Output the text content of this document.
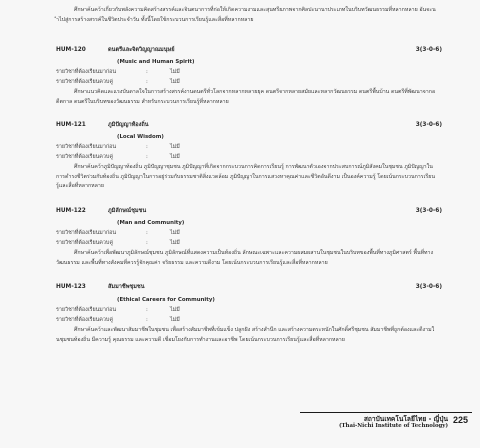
ศึกษาค้นคว้าเกี่ยวกับพลังความคิดสร้างสรรค์และจินตนาการที่ก่อให้เกิดความงามและสุนทรียภาพจากศิลปะนานาประเภทในบริบทวัฒนธรรมที่หลากหลาย อันจะนำไปสู่การสร้างสรรค์ในชีวิตประจำวัน ทั้งนี้โดยใช้กระบวนการเรียนรู้และสื่อที่หลากหลาย
HUM-120	ดนตรีและจิตวิญญาณมนุษย์	3(3-0-6)
(Music and Human Spirit)
รายวิชาที่ต้องเรียนมาก่อน	:	ไม่มี
รายวิชาที่ต้องเรียนควบคู่	:	ไม่มี
ศึกษาแนวคิดและแรงบันดาลใจในการสร้างสรรค์งานดนตรีทั่วโลกจากหลากหลายยุค ดนตรีจากหลายสมัยและหลากวัฒนธรรม ดนตรีพื้นบ้าน ดนตรีที่พัฒนาจากอดีตกาล ดนตรีในบริบทของวัฒนธรรม สำหรับกระบวนการเรียนรู้ที่หลากหลาย
HUM-121	ภูมิปัญญาท้องถิ่น	3(3-0-6)
(Local Wisdom)
รายวิชาที่ต้องเรียนมาก่อน	:	ไม่มี
รายวิชาที่ต้องเรียนควบคู่	:	ไม่มี
ศึกษาค้นคว้าภูมิปัญญาท้องถิ่น ภูมิปัญญาชุมชน ภูมิปัญญาที่เกิดจากกระบวนการคิดการเรียนรู้ การพัฒนาตัวเองจากประสบการณ์ภูมิสังคมในชุมชน ภูมิปัญญาในการดำรงชีวิตร่วมกับท้องถิ่น ภูมิปัญญาในการอยู่ร่วมกับธรรมชาติสิ่งแวดล้อม ภูมิปัญญาในการแสวงหาคุณค่าและชีวิตอันดีงาม เป็นองค์ความรู้ โดยเน้นกระบวนการเรียนรู้และสื่อที่หลากหลาย
HUM-122	ภูมิลักษณ์ชุมชน	3(3-0-6)
(Man and Community)
รายวิชาที่ต้องเรียนมาก่อน	:	ไม่มี
รายวิชาที่ต้องเรียนควบคู่	:	ไม่มี
ศึกษาค้นคว้าเพื่อพัฒนาภูมิลักษณ์ชุมชน ภูมิลักษณ์ที่แสดงความเป็นท้องถิ่น ลักษณะเฉพาะและความผสมผสานในชุมชนในบริบทของพื้นที่ทางภูมิศาสตร์ พื้นที่ทางวัฒนธรรม และพื้นที่ทางสังคมที่ควรรู้จักคุณค่า จริยธรรม และความดีงาม โดยเน้นกระบวนการเรียนรู้และสื่อที่หลากหลาย
HUM-123	สัมมาชีพชุมชน	3(3-0-6)
(Ethical Careers for Community)
รายวิชาที่ต้องเรียนมาก่อน	:	ไม่มี
รายวิชาที่ต้องเรียนควบคู่	:	ไม่มี
ศึกษาค้นคว้าและพัฒนาสัมมาชีพในชุมชน เพื่อสร้างสัมมาชีพที่เข้มแข็ง ปลูกฝัง สร้างสำนึก และสร้างความตระหนักในศักดิ์ศรีชุมชน สัมมาชีพที่ถูกต้องและดีงามในชุมชนท้องถิ่น มีความรู้ คุณธรรม และความดี เชื่อมโยงกับการทำงานและอาชีพ โดยเน้นกระบวนการเรียนรู้และสื่อที่หลากหลาย
สถาบันเทคโนโลยีไทย - ญี่ปุ่น
(Thai-Nichi Institute of Technology)
225
